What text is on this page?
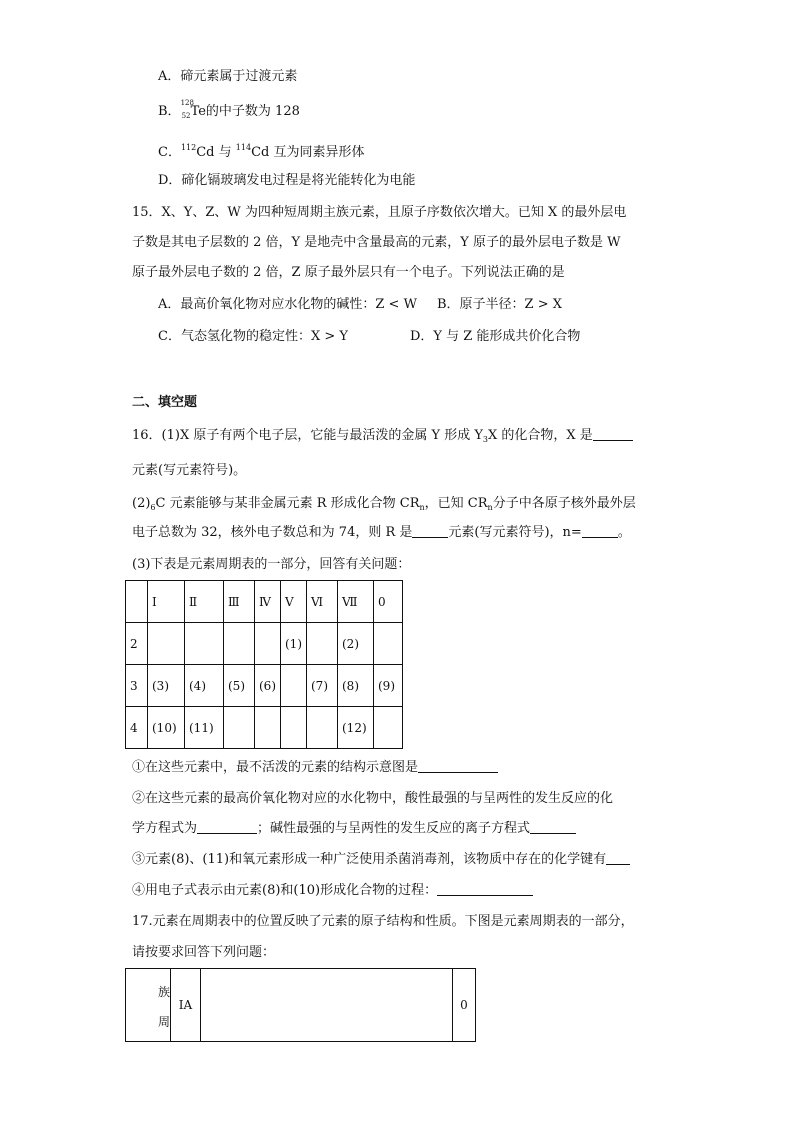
A．碲元素属于过渡元素
B．
128
52 Te的中子数为 128
C．$^{112}$Cd 与 $^{114}$Cd 互为同素异形体
D．碲化镉玻璃发电过程是将光能转化为电能
15．X、Y、Z、W 为四种短周期主族元素，且原子序数依次增大。已知 X 的最外层电
子数是其电子层数的 2 倍，Y 是地壳中含量最高的元素，Y 原子的最外层电子数是 W
原子最外层电子数的 2 倍，Z 原子最外层只有一个电子。下列说法正确的是
A．最高价氧化物对应水化物的碱性：Z < W B．原子半径：Z > X
C．气态氢化物的稳定性：X > Y	D．Y 与 Z 能形成共价化合物
二、填空题
16．(1)X 原子有两个电子层，它能与最活泼的金属 Y 形成 $Y_3X$ 的化合物，X 是
元素(写元素符号)。
$(2)_6C$ 元素能够与某非金属元素 R 形成化合物 $CR_n$，已知 $CR_n$分子中各原子核外最外层
电子总数为 32，核外电子数总和为 74，则 R 是	元素(写元素符号)，n=	。
(3)下表是元素周期表的一部分，回答有关问题：
	Ⅰ	Ⅱ	Ⅲ	Ⅳ	Ⅴ	Ⅵ	Ⅶ	0
2					(1)		(2)	
3	(3)	(4)	(5)	(6)		(7)	(8)	(9)
4	(10)	(11)					(12)	
①在这些元素中，最不活泼的元素的结构示意图是
②在这些元素的最高价氧化物对应的水化物中，酸性最强的与呈两性的发生反应的化
学方程式为	；碱性最强的与呈两性的发生反应的离子方程式
③元素(8)、(11)和氧元素形成一种广泛使用杀菌消毒剂，该物质中存在的化学键有
④用电子式表示由元素(8)和(10)形成化合物的过程：
17.元素在周期表中的位置反映了元素的原子结构和性质。下图是元素周期表的一部分，
请按要求回答下列问题：
族
周
	IA		0
